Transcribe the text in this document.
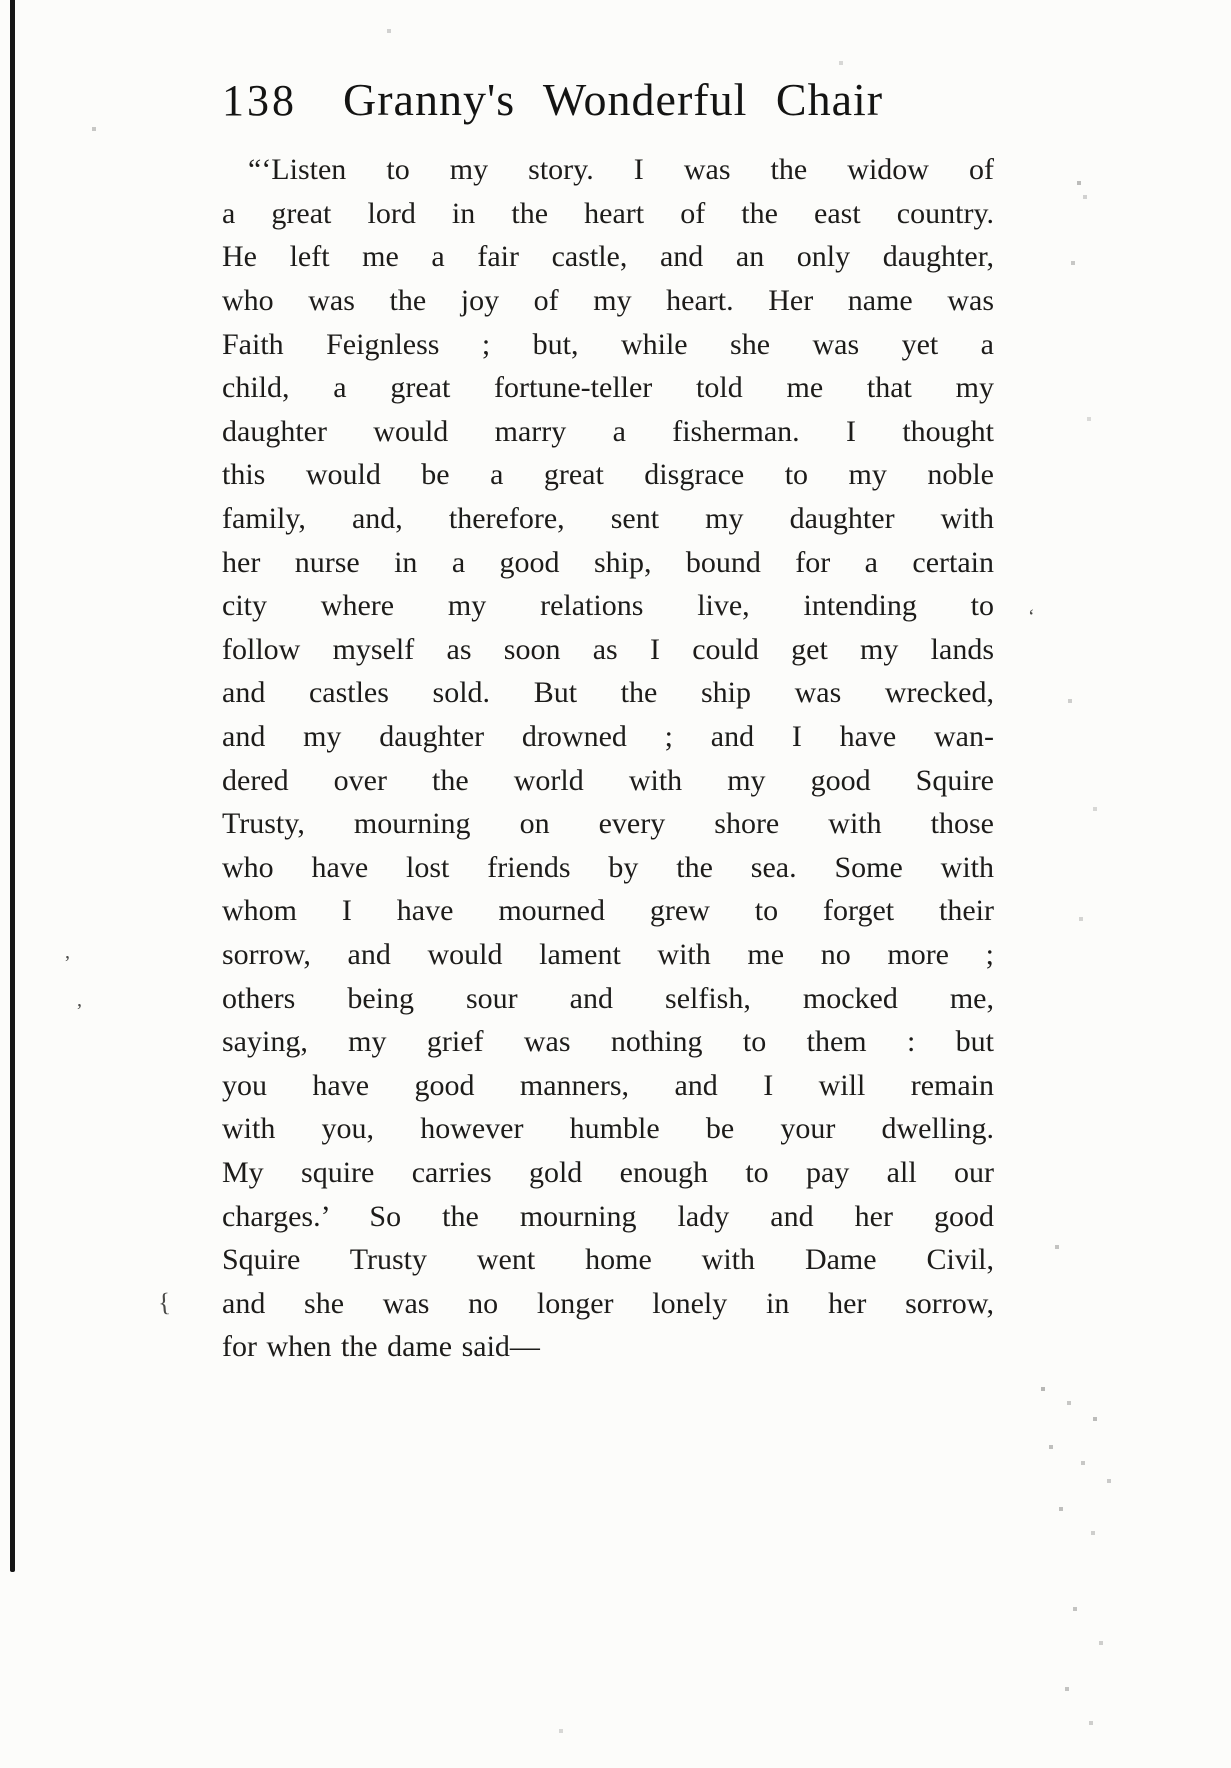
138 Granny's Wonderful Chair
“‘Listen to my story. I was the widow of
a great lord in the heart of the east country.
He left me a fair castle, and an only daughter,
who was the joy of my heart. Her name was
Faith Feignless ; but, while she was yet a
child, a great fortune-teller told me that my
daughter would marry a fisherman. I thought
this would be a great disgrace to my noble
family, and, therefore, sent my daughter with
her nurse in a good ship, bound for a certain
city where my relations live, intending to
follow myself as soon as I could get my lands
and castles sold. But the ship was wrecked,
and my daughter drowned ; and I have wan-
dered over the world with my good Squire
Trusty, mourning on every shore with those
who have lost friends by the sea. Some with
whom I have mourned grew to forget their
sorrow, and would lament with me no more ;
others being sour and selfish, mocked me,
saying, my grief was nothing to them : but
you have good manners, and I will remain
with you, however humble be your dwelling.
My squire carries gold enough to pay all our
charges.’ So the mourning lady and her good
Squire Trusty went home with Dame Civil,
and she was no longer lonely in her sorrow,
for when the dame said—
{
‘
’
’
